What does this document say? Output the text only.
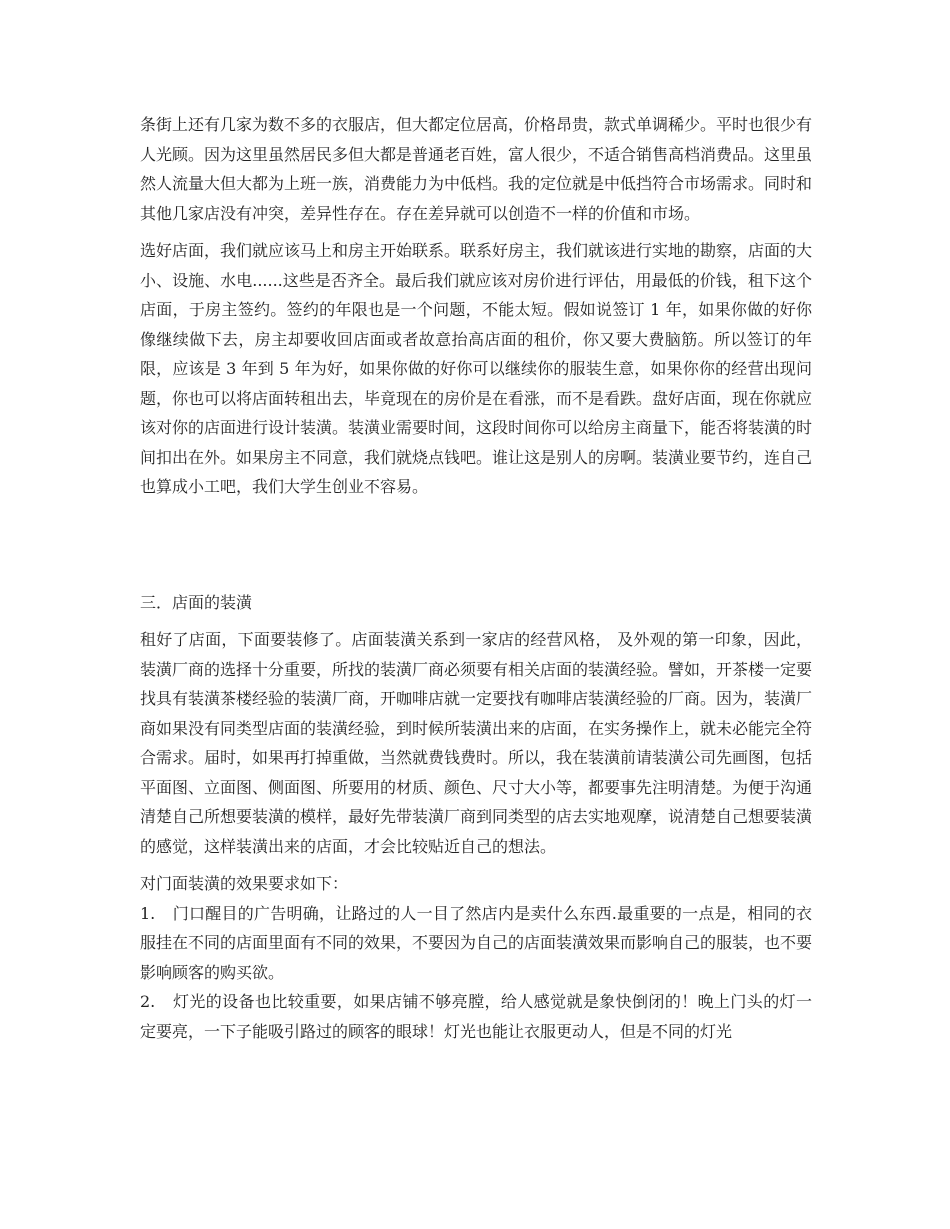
条街上还有几家为数不多的衣服店，但大都定位居高，价格昂贵，款式单调稀少。平时也很少有人光顾。因为这里虽然居民多但大都是普通老百姓，富人很少，不适合销售高档消费品。这里虽然人流量大但大都为上班一族，消费能力为中低档。我的定位就是中低挡符合市场需求。同时和其他几家店没有冲突，差异性存在。存在差异就可以创造不一样的价值和市场。

选好店面，我们就应该马上和房主开始联系。联系好房主，我们就该进行实地的勘察，店面的大小、设施、水电......这些是否齐全。最后我们就应该对房价进行评估，用最低的价钱，租下这个店面，于房主签约。签约的年限也是一个问题，不能太短。假如说签订 1 年，如果你做的好你像继续做下去，房主却要收回店面或者故意抬高店面的租价，你又要大费脑筋。所以签订的年限，应该是 3 年到 5 年为好，如果你做的好你可以继续你的服装生意，如果你你的经营出现问题，你也可以将店面转租出去，毕竟现在的房价是在看涨，而不是看跌。盘好店面，现在你就应该对你的店面进行设计装潢。装潢业需要时间，这段时间你可以给房主商量下，能否将装潢的时间扣出在外。如果房主不同意，我们就烧点钱吧。谁让这是别人的房啊。装潢业要节约，连自己也算成小工吧，我们大学生创业不容易。

三．店面的装潢

租好了店面，下面要装修了。店面装潢关系到一家店的经营风格， 及外观的第一印象，因此，装潢厂商的选择十分重要，所找的装潢厂商必须要有相关店面的装潢经验。譬如，开茶楼一定要找具有装潢茶楼经验的装潢厂商，开咖啡店就一定要找有咖啡店装潢经验的厂商。因为，装潢厂商如果没有同类型店面的装潢经验，到时候所装潢出来的店面，在实务操作上，就未必能完全符合需求。届时，如果再打掉重做，当然就费钱费时。所以，我在装潢前请装潢公司先画图，包括平面图、立面图、侧面图、所要用的材质、颜色、尺寸大小等，都要事先注明清楚。为便于沟通清楚自己所想要装潢的模样，最好先带装潢厂商到同类型的店去实地观摩，说清楚自己想要装潢的感觉，这样装潢出来的店面，才会比较贴近自己的想法。

对门面装潢的效果要求如下：

1. 门口醒目的广告明确，让路过的人一目了然店内是卖什么东西.最重要的一点是，相同的衣服挂在不同的店面里面有不同的效果，不要因为自己的店面装潢效果而影响自己的服装，也不要影响顾客的购买欲。

2. 灯光的设备也比较重要，如果店铺不够亮膛，给人感觉就是象快倒闭的！晚上门头的灯一定要亮，一下子能吸引路过的顾客的眼球！灯光也能让衣服更动人，但是不同的灯光
